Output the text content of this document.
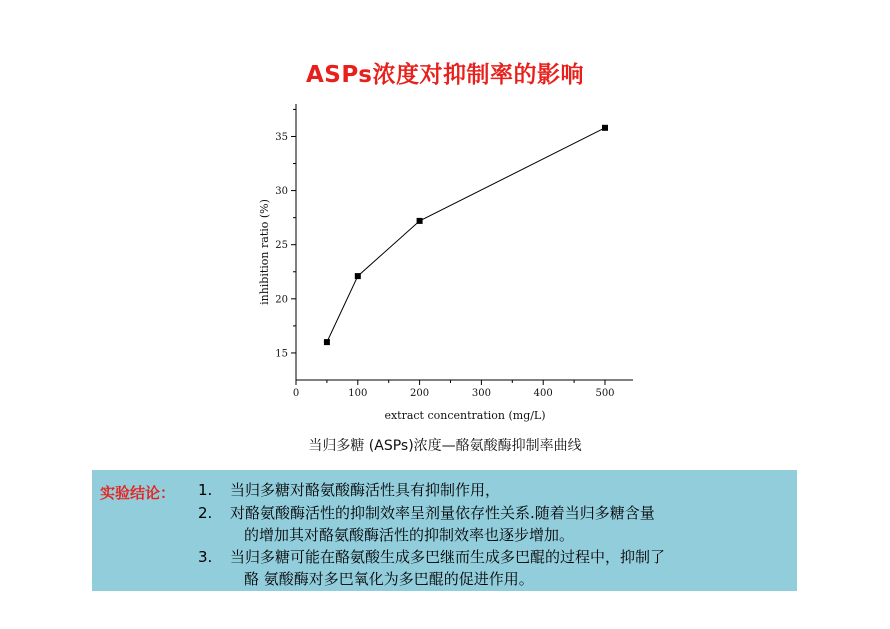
ASPs浓度对抑制率的影响
0	100	200	300	400	500
15
20
25
30
35
extract concentration (mg/L)
inhibition ratio (%)
当归多糖 (ASPs)浓度—酪氨酸酶抑制率曲线
实验结论： 1. 当归多糖对酪氨酸酶活性具有抑制作用，
2. 对酪氨酸酶活性的抑制效率呈剂量依存性关系.随着当归多糖含量
的增加其对酪氨酸酶活性的抑制效率也逐步增加。
3. 当归多糖可能在酪氨酸生成多巴继而生成多巴醌的过程中，抑制了
酪 氨酸酶对多巴氧化为多巴醌的促进作用。
